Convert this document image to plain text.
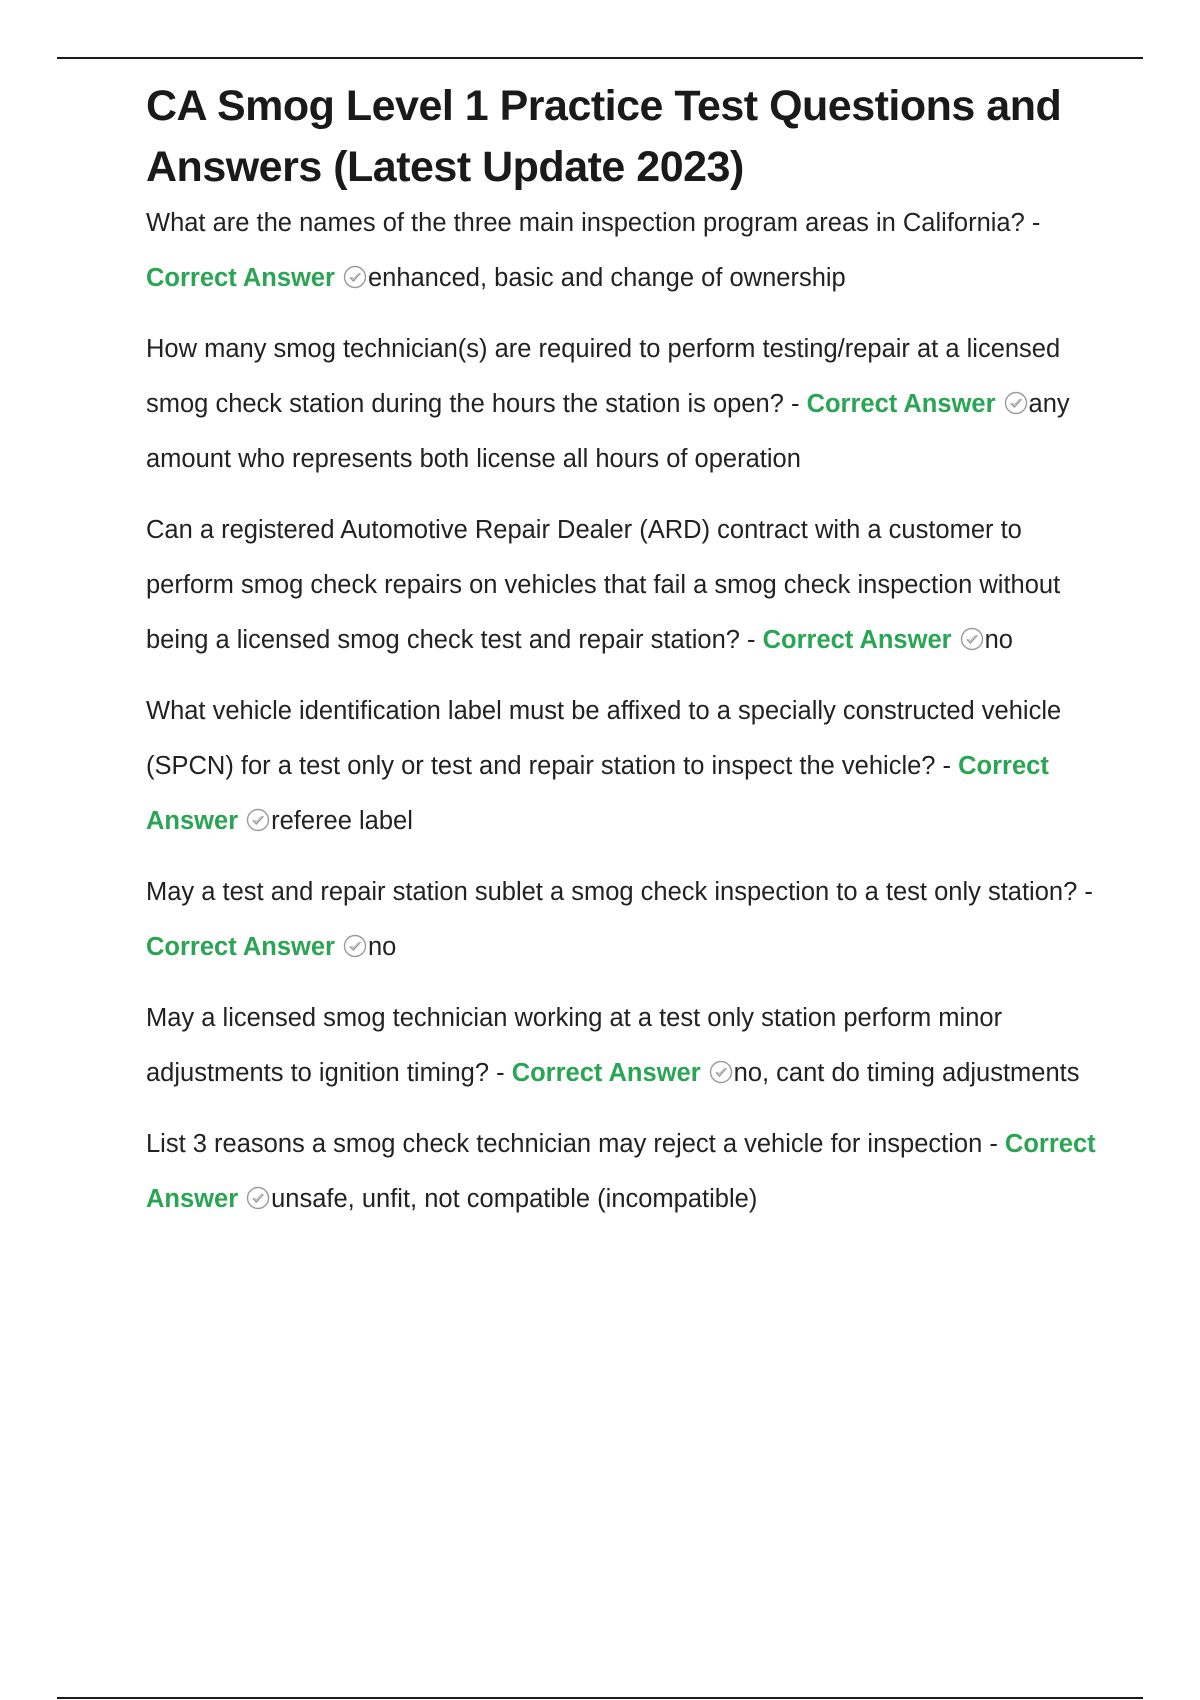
CA Smog Level 1 Practice Test Questions and Answers (Latest Update 2023)

What are the names of the three main inspection program areas in California? - Correct Answer enhanced, basic and change of ownership

How many smog technician(s) are required to perform testing/repair at a licensed smog check station during the hours the station is open? - Correct Answer any amount who represents both license all hours of operation

Can a registered Automotive Repair Dealer (ARD) contract with a customer to perform smog check repairs on vehicles that fail a smog check inspection without being a licensed smog check test and repair station? - Correct Answer no

What vehicle identification label must be affixed to a specially constructed vehicle (SPCN) for a test only or test and repair station to inspect the vehicle? - Correct Answer referee label

May a test and repair station sublet a smog check inspection to a test only station? - Correct Answer no

May a licensed smog technician working at a test only station perform minor adjustments to ignition timing? - Correct Answer no, cant do timing adjustments

List 3 reasons a smog check technician may reject a vehicle for inspection - Correct Answer unsafe, unfit, not compatible (incompatible)
